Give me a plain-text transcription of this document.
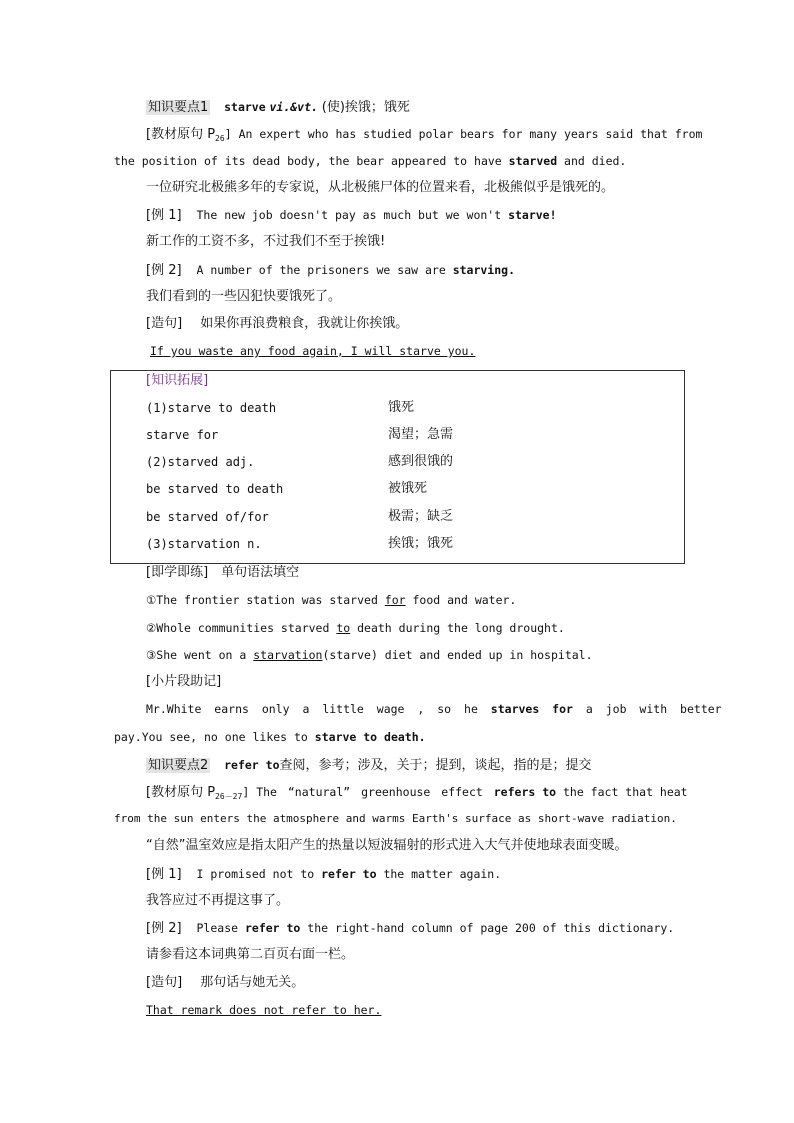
知识要点1 starve vi.&vt. (使)挨饿；饿死
[教材原句 $P_{26}$] An expert who has studied polar bears for many years said that from
the position of its dead body, the bear appeared to have starved and died.
一位研究北极熊多年的专家说，从北极熊尸体的位置来看，北极熊似乎是饿死的。
[例 1] The new job doesn't pay as much but we won't starve!
新工作的工资不多，不过我们不至于挨饿!
[例 2] A number of the prisoners we saw are starving.
我们看到的一些囚犯快要饿死了。
[造句] 如果你再浪费粮食，我就让你挨饿。
If you waste any food again, I will starve you.
[知识拓展]
(1)starve to death	饿死
starve for	渴望；急需
(2)starved adj.	感到很饿的
be starved to death	被饿死
be starved of/for	极需；缺乏
(3)starvation n.	挨饿；饿死
[即学即练]　单句语法填空
①The frontier station was starved for food and water.
②Whole communities starved to death during the long drought.
③She went on a starvation(starve) diet and ended up in hospital.
[小片段助记]
Mr.White earns only a little wage , so he starves for a job with better
pay.You see, no one likes to starve to death.
知识要点2 refer to查阅，参考；涉及，关于；提到，谈起，指的是；提交
[教材原句 $P_{26-27}$] The “natural” greenhouse effect refers to the fact that heat
from the sun enters the atmosphere and warms Earth's surface as short-wave radiation.
“自然”温室效应是指太阳产生的热量以短波辐射的形式进入大气并使地球表面变暖。
[例 1] I promised not to refer to the matter again.
我答应过不再提这事了。
[例 2] Please refer to the right-hand column of page 200 of this dictionary.
请参看这本词典第二百页右面一栏。
[造句] 那句话与她无关。
That remark does not refer to her.
